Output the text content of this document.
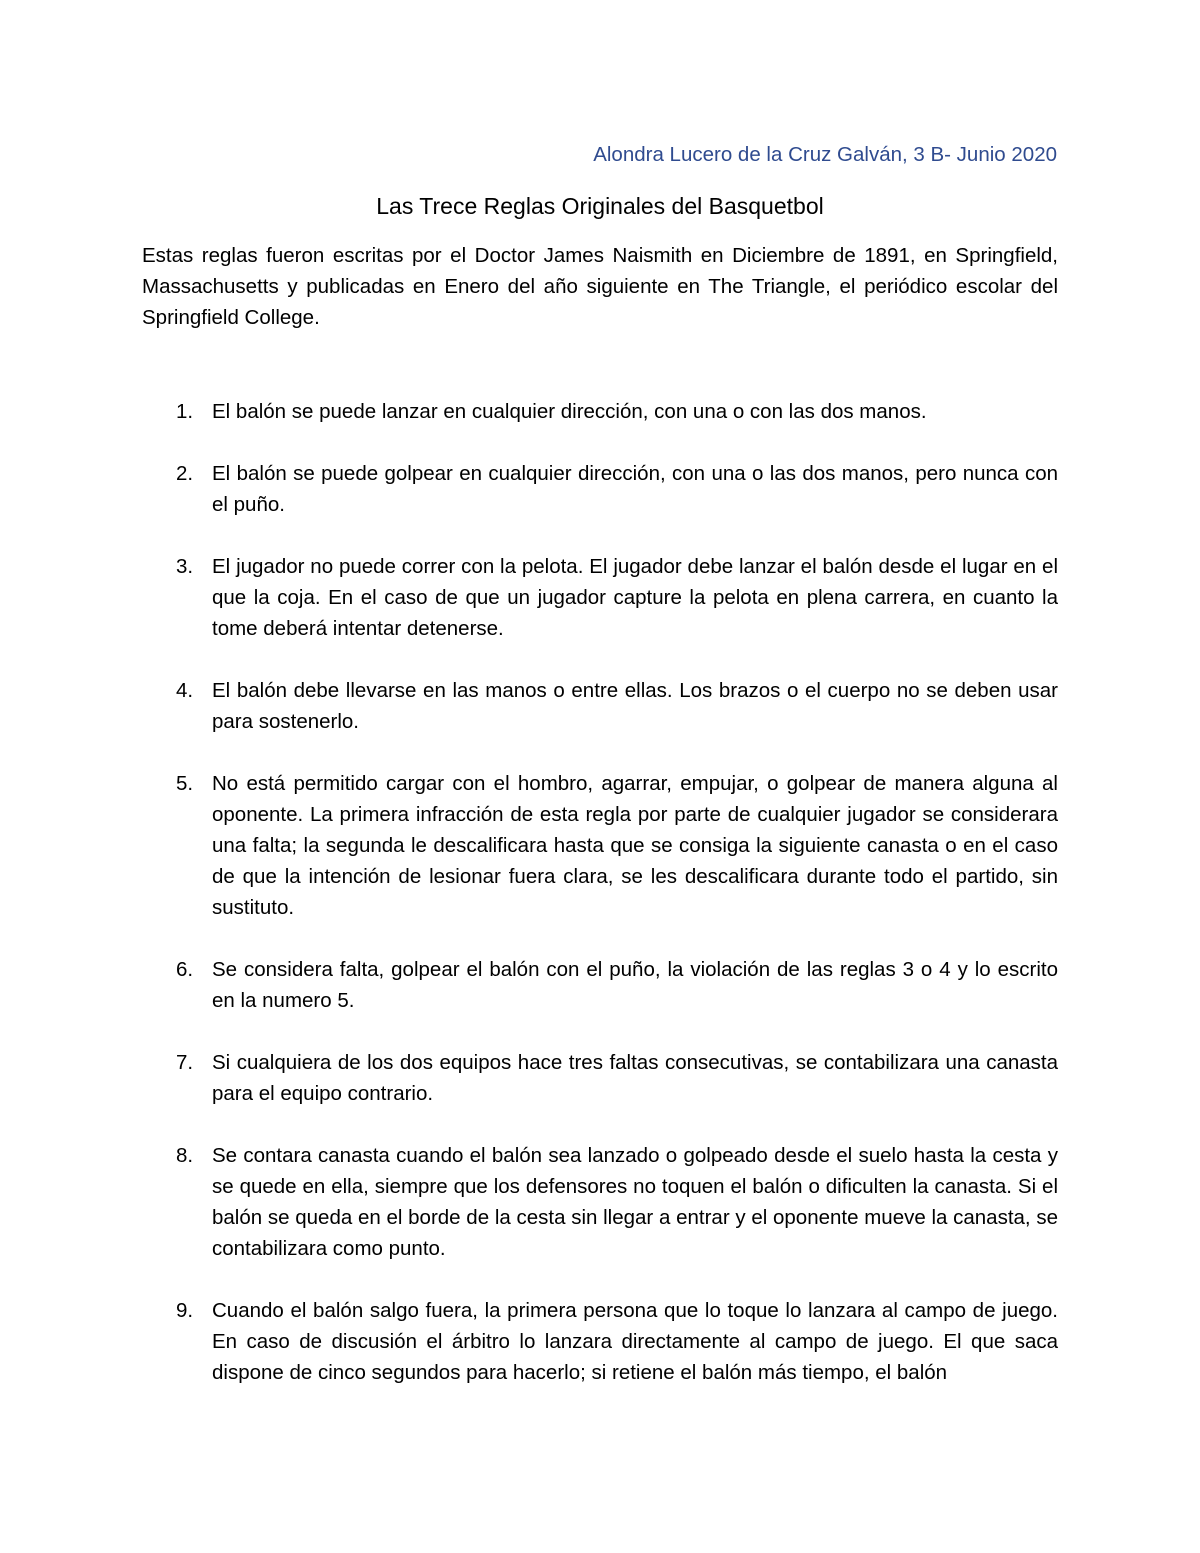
Alondra Lucero de la Cruz Galván, 3 B- Junio 2020
Las Trece Reglas Originales del Basquetbol

Estas reglas fueron escritas por el Doctor James Naismith en Diciembre de 1891, en Springfield, Massachusetts y publicadas en Enero del año siguiente en The Triangle, el periódico escolar del Springfield College.

1. El balón se puede lanzar en cualquier dirección, con una o con las dos manos.
2. El balón se puede golpear en cualquier dirección, con una o las dos manos, pero nunca con el puño.
3. El jugador no puede correr con la pelota. El jugador debe lanzar el balón desde el lugar en el que la coja. En el caso de que un jugador capture la pelota en plena carrera, en cuanto la tome deberá intentar detenerse.
4. El balón debe llevarse en las manos o entre ellas. Los brazos o el cuerpo no se deben usar para sostenerlo.
5. No está permitido cargar con el hombro, agarrar, empujar, o golpear de manera alguna al oponente. La primera infracción de esta regla por parte de cualquier jugador se considerara una falta; la segunda le descalificara hasta que se consiga la siguiente canasta o en el caso de que la intención de lesionar fuera clara, se les descalificara durante todo el partido, sin sustituto.
6. Se considera falta, golpear el balón con el puño, la violación de las reglas 3 o 4 y lo escrito en la numero 5.
7. Si cualquiera de los dos equipos hace tres faltas consecutivas, se contabilizara una canasta para el equipo contrario.
8. Se contara canasta cuando el balón sea lanzado o golpeado desde el suelo hasta la cesta y se quede en ella, siempre que los defensores no toquen el balón o dificulten la canasta. Si el balón se queda en el borde de la cesta sin llegar a entrar y el oponente mueve la canasta, se contabilizara como punto.
9. Cuando el balón salgo fuera, la primera persona que lo toque lo lanzara al campo de juego. En caso de discusión el árbitro lo lanzara directamente al campo de juego. El que saca dispone de cinco segundos para hacerlo; si retiene el balón más tiempo, el balón
